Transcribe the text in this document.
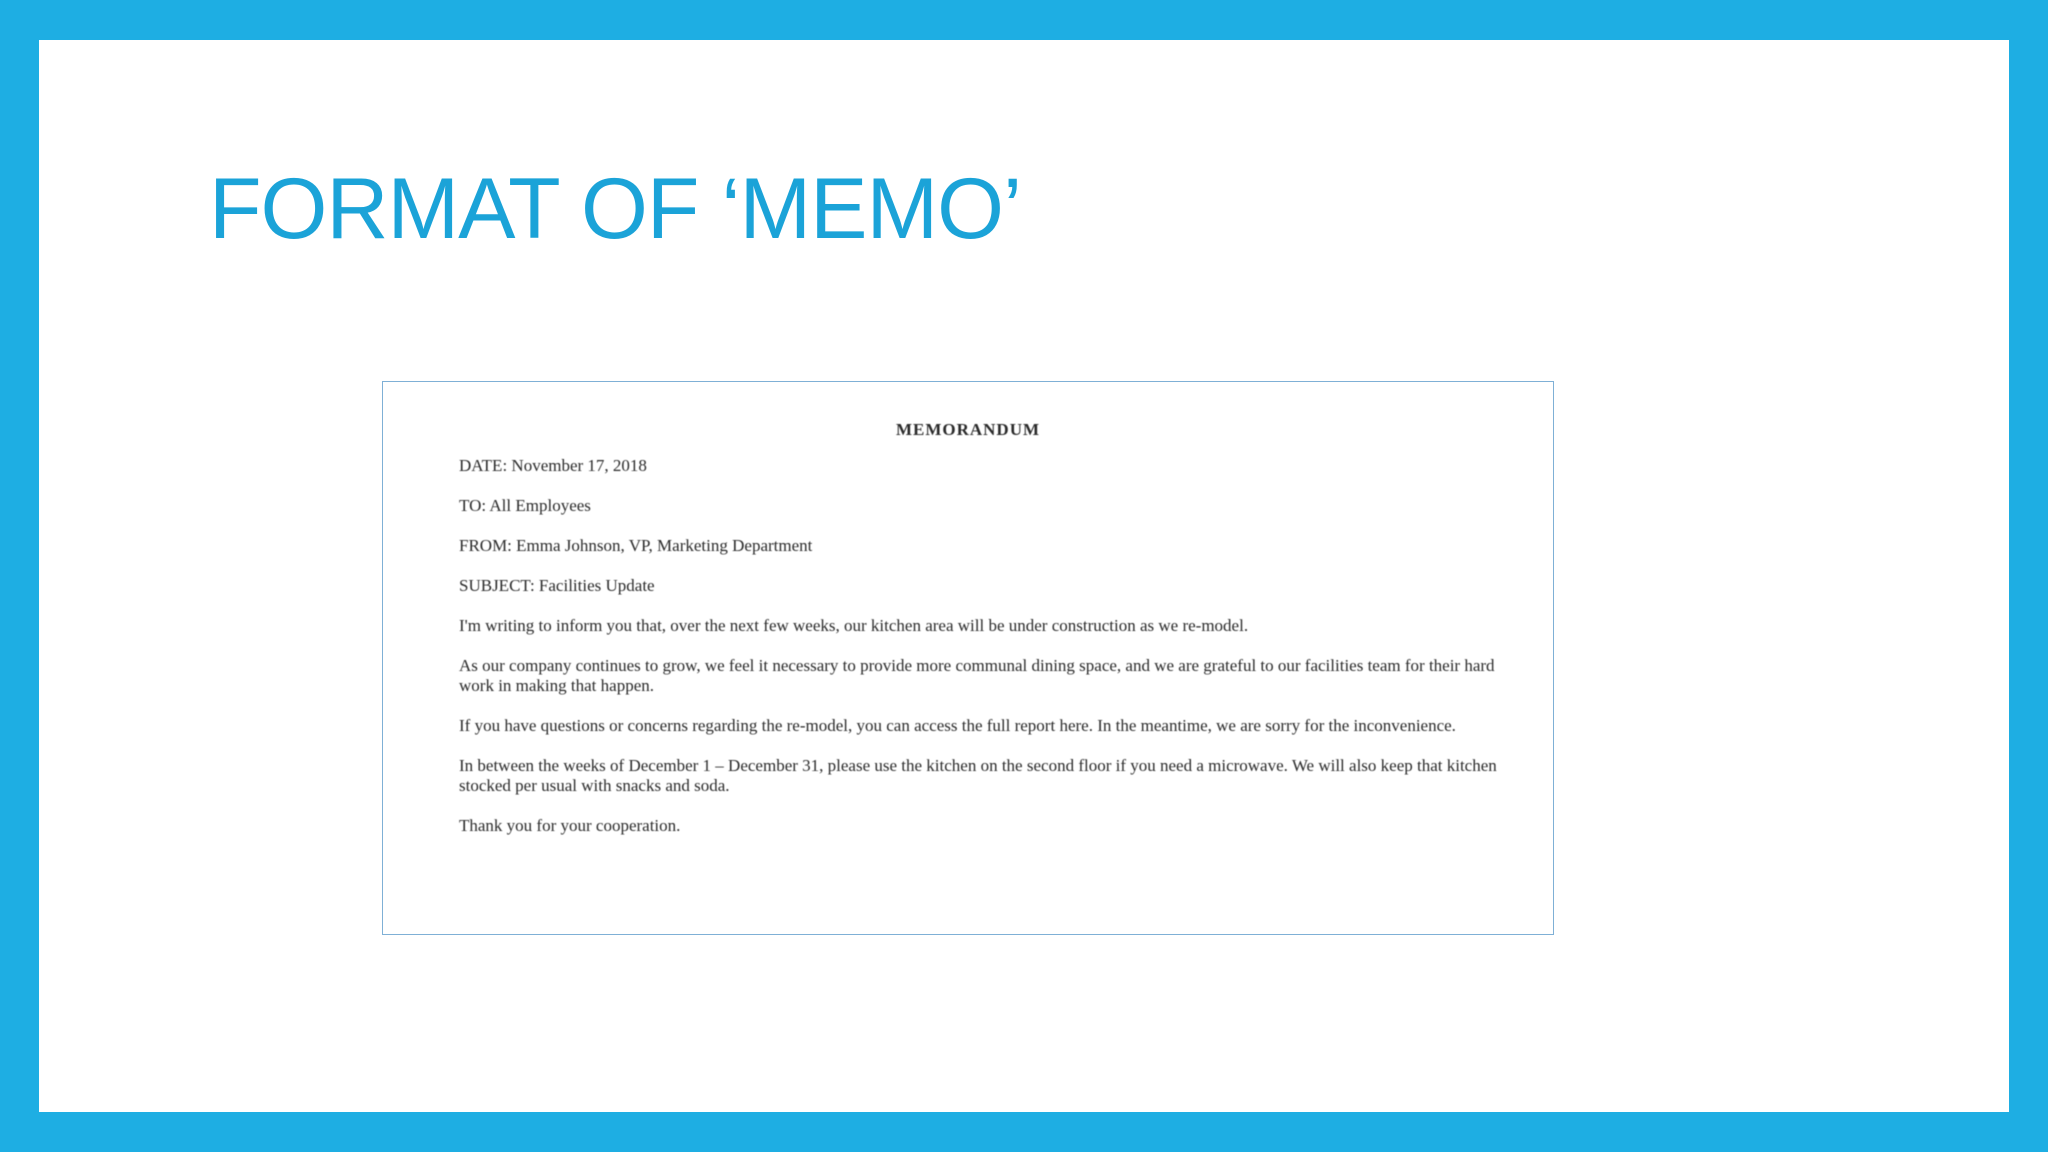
FORMAT OF ‘MEMO’
MEMORANDUM

DATE: November 17, 2018

TO: All Employees

FROM: Emma Johnson, VP, Marketing Department

SUBJECT: Facilities Update

I'm writing to inform you that, over the next few weeks, our kitchen area will be under construction as we re-model.

As our company continues to grow, we feel it necessary to provide more communal dining space, and we are grateful to our facilities team for their hard work in making that happen.

If you have questions or concerns regarding the re-model, you can access the full report here. In the meantime, we are sorry for the inconvenience.

In between the weeks of December 1 – December 31, please use the kitchen on the second floor if you need a microwave. We will also keep that kitchen stocked per usual with snacks and soda.

Thank you for your cooperation.
